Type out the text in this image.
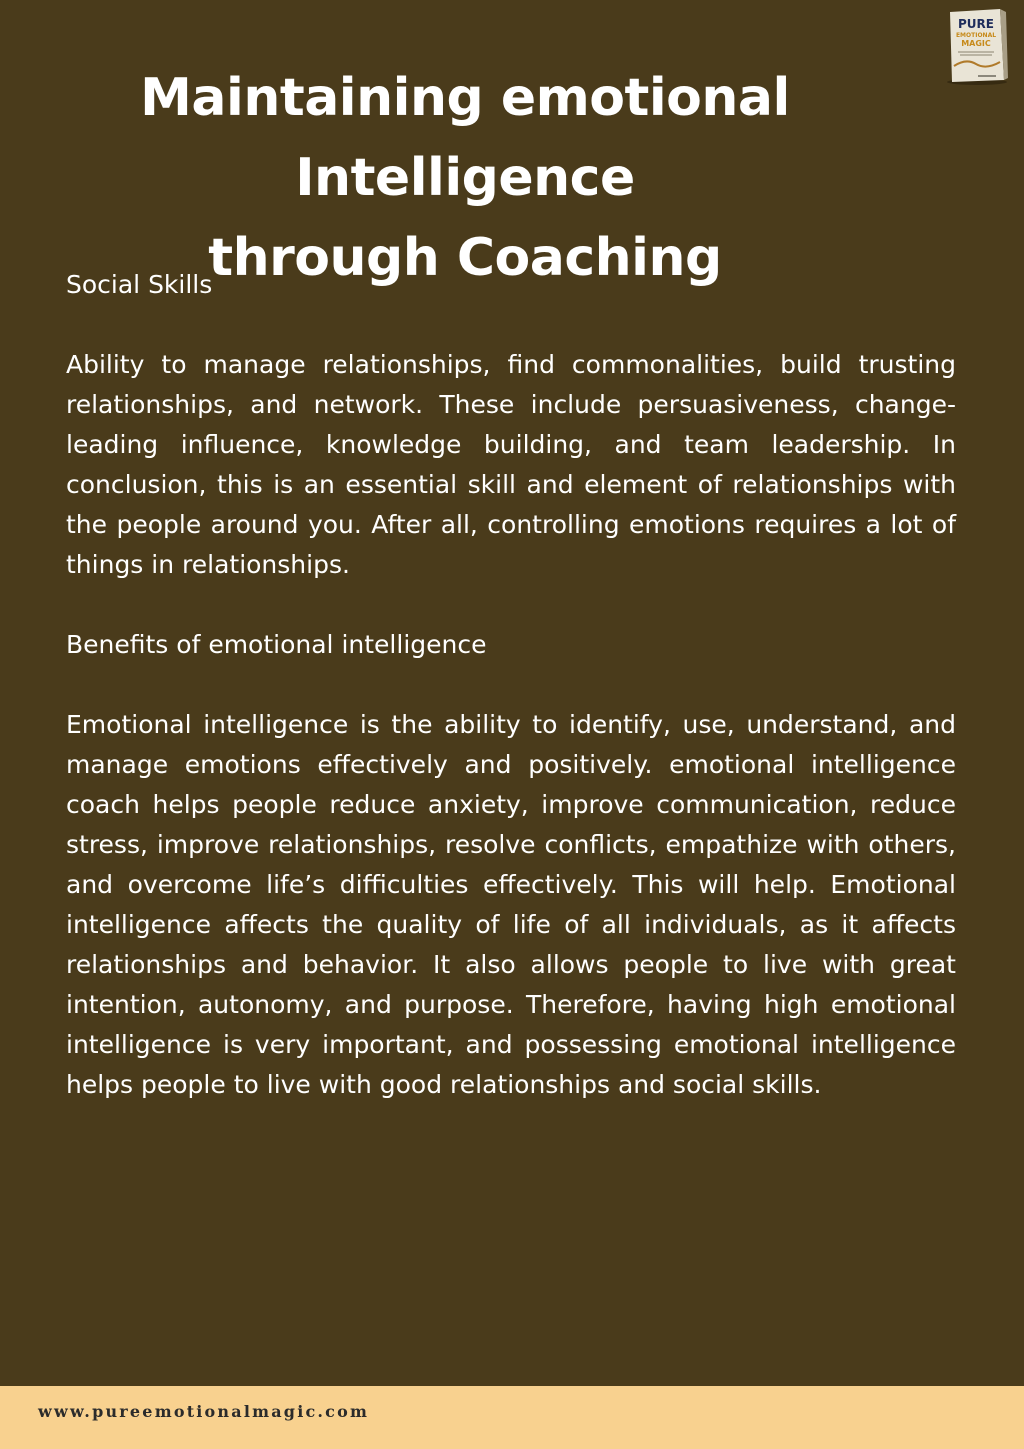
Maintaining emotional Intelligence
through Coaching
PURE
EMOTIONAL
MAGIC

Social Skills

Ability to manage relationships, find commonalities, build trusting relationships, and network. These include persuasiveness, change-leading influence, knowledge building, and team leadership. In conclusion, this is an essential skill and element of relationships with the people around you. After all, controlling emotions requires a lot of things in relationships.

Benefits of emotional intelligence

Emotional intelligence is the ability to identify, use, understand, and manage emotions effectively and positively. emotional intelligence coach helps people reduce anxiety, improve communication, reduce stress, improve relationships, resolve conflicts, empathize with others, and overcome life’s difficulties effectively. This will help. Emotional intelligence affects the quality of life of all individuals, as it affects relationships and behavior. It also allows people to live with great intention, autonomy, and purpose. Therefore, having high emotional intelligence is very important, and possessing emotional intelligence helps people to live with good relationships and social skills.

www.pureemotionalmagic.com
